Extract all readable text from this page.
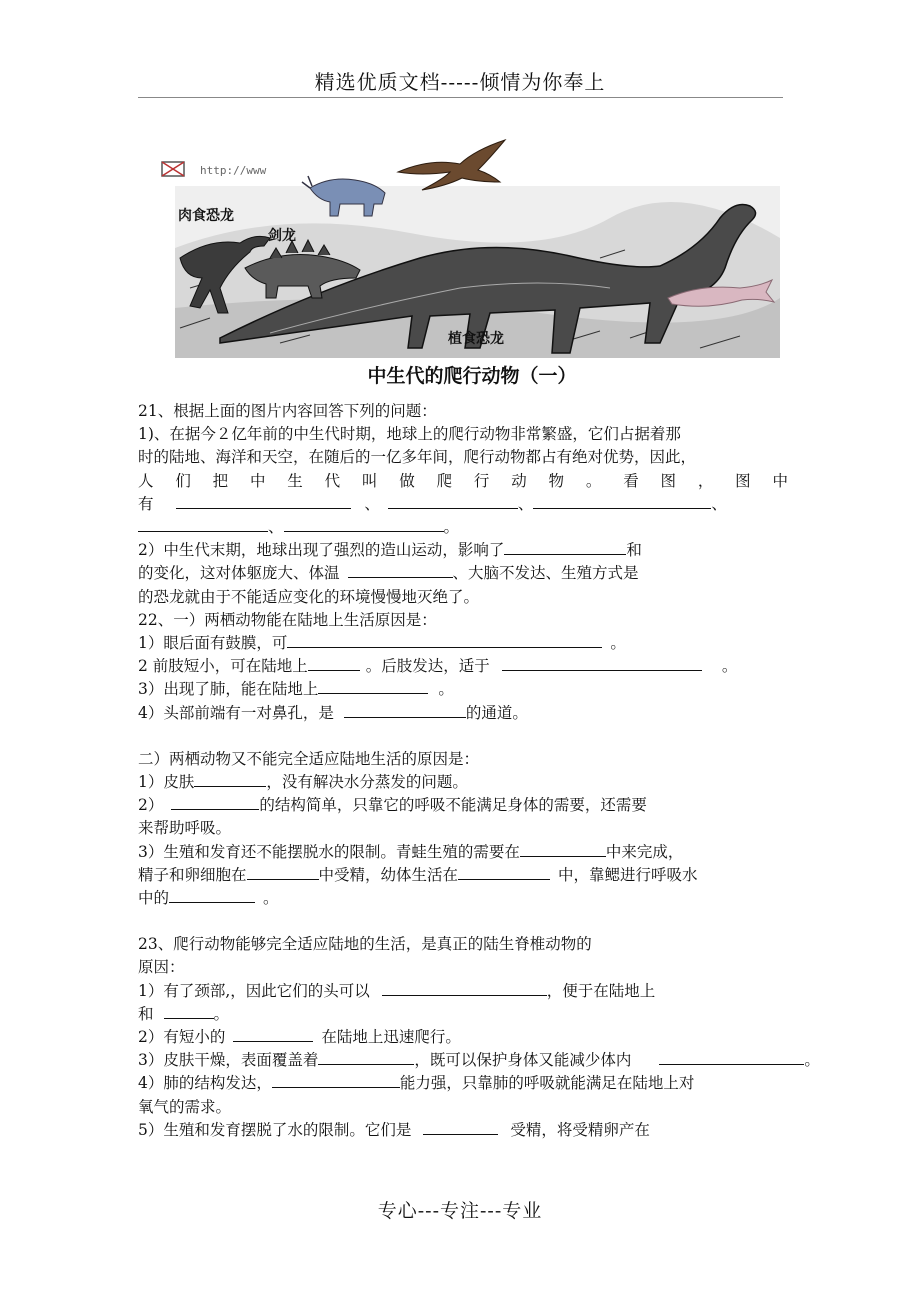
精选优质文档-----倾情为你奉上
http://www
肉食恐龙
剑龙
植食恐龙
中生代的爬行动物（一）

21、根据上面的图片内容回答下列的问题：

1)、在据今２亿年前的中生代时期，地球上的爬行动物非常繁盛，它们占据着那

时的陆地、海洋和天空，在随后的一亿多年间，爬行动物都占有绝对优势，因此，

人们把中生代叫做爬行动物。看图，图中

有	、	、	、

、	。

2）中生代末期，地球出现了强烈的造山运动，影响了	和

的变化，这对体躯庞大、体温	、大脑不发达、生殖方式是

的恐龙就由于不能适应变化的环境慢慢地灭绝了。

22、一）两栖动物能在陆地上生活原因是：

1）眼后面有鼓膜，可	。

2 前肢短小，可在陆地上	。后肢发达，适于	。

3）出现了肺，能在陆地上	。

4）头部前端有一对鼻孔，是	的通道。

二）两栖动物又不能完全适应陆地生活的原因是：

1）皮肤	，没有解决水分蒸发的问题。

2）	的结构简单，只靠它的呼吸不能满足身体的需要，还需要

来帮助呼吸。

3）生殖和发育还不能摆脱水的限制。青蛙生殖的需要在	中来完成，

精子和卵细胞在	中受精，幼体生活在	中，靠鳃进行呼吸水

中的	。

23、爬行动物能够完全适应陆地的生活，是真正的陆生脊椎动物的

原因：

1）有了颈部,，因此它们的头可以	，便于在陆地上

和	。

2）有短小的	在陆地上迅速爬行。

3）皮肤干燥，表面覆盖着	，既可以保护身体又能减少体内	。

4）肺的结构发达，	能力强，只靠肺的呼吸就能满足在陆地上对

氧气的需求。

5）生殖和发育摆脱了水的限制。它们是	受精，将受精卵产在

专心---专注---专业
